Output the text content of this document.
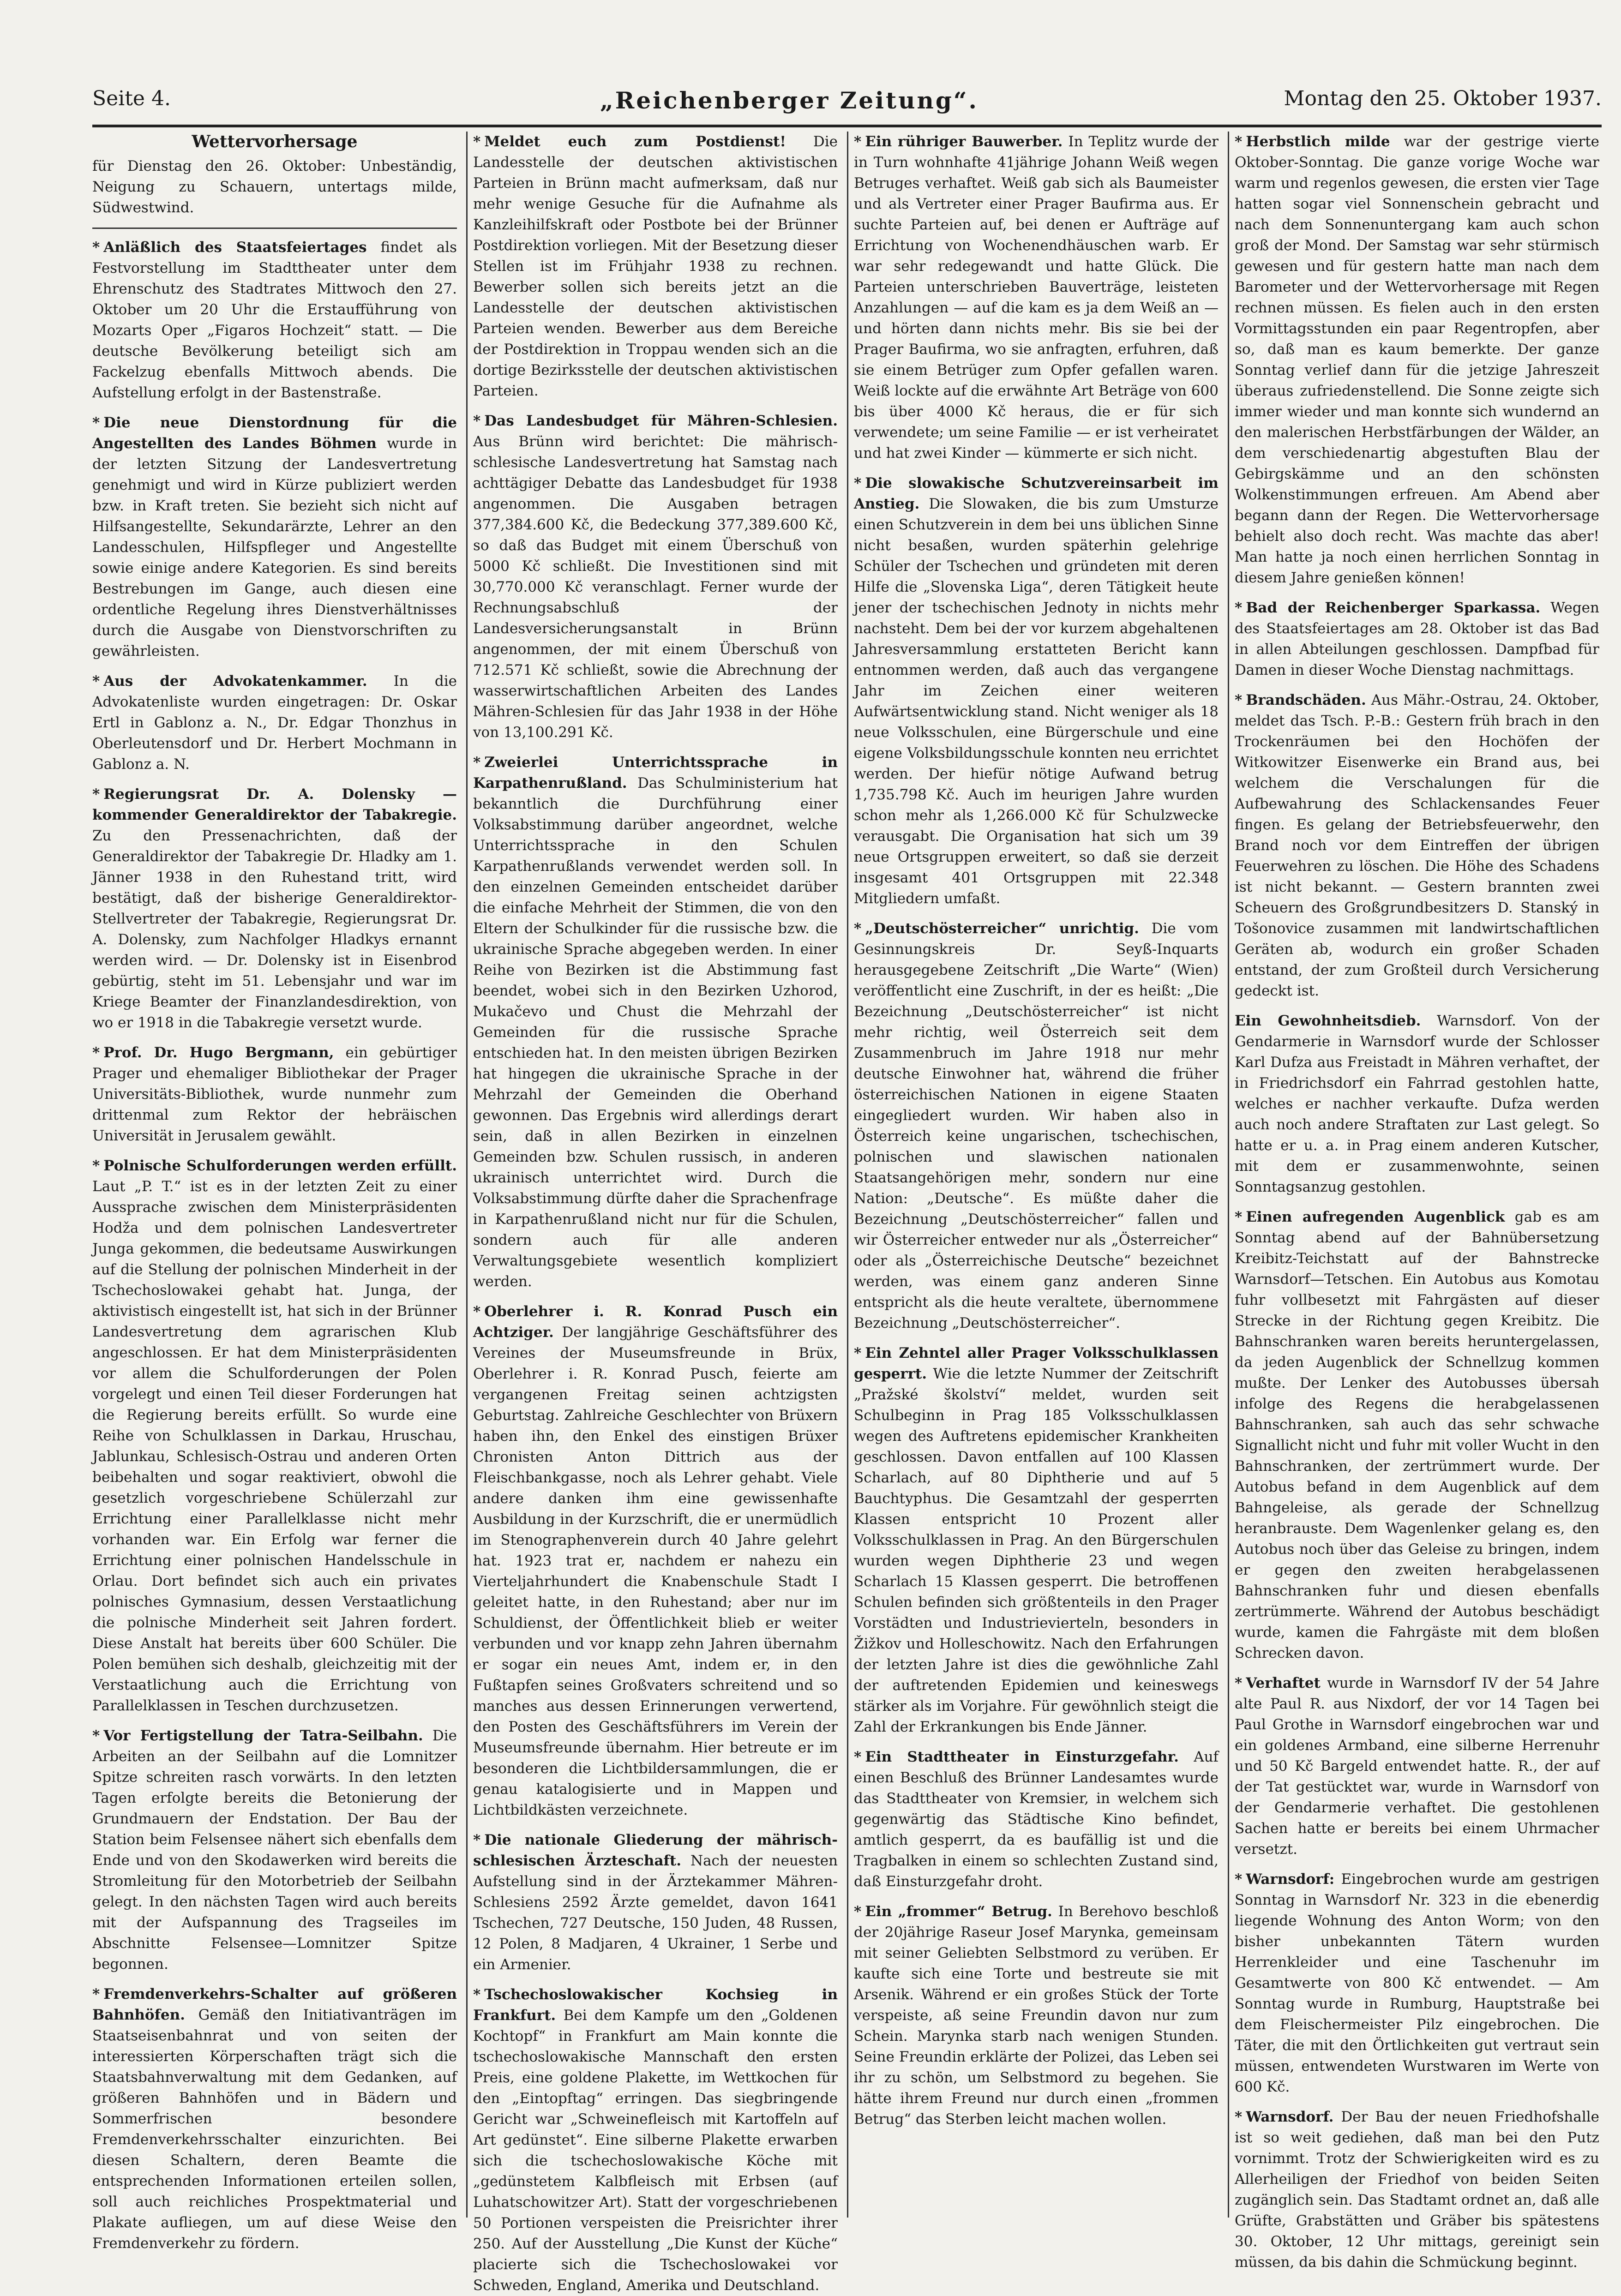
Seite 4.	„Reichenberger Zeitung“.	Montag den 25. Oktober 1937.
Wettervorhersage
für Dienstag den 26. Oktober: Unbeständig, Neigung zu Schauern, untertags milde, Südwestwind.
* Anläßlich des Staatsfeiertages findet als Festvorstellung im Stadttheater unter dem Ehrenschutz des Stadtrates Mittwoch den 27. Oktober um 20 Uhr die Erstaufführung von Mozarts Oper „Figaros Hochzeit“ statt. — Die deutsche Bevölkerung beteiligt sich am Fackelzug ebenfalls Mittwoch abends. Die Aufstellung erfolgt in der Bastenstraße.
* Die neue Dienstordnung für die Angestellten des Landes Böhmen wurde in der letzten Sitzung der Landesvertretung genehmigt und wird in Kürze publiziert werden bzw. in Kraft treten. Sie bezieht sich nicht auf Hilfsangestellte, Sekundarärzte, Lehrer an den Landesschulen, Hilfspfleger und Angestellte sowie einige andere Kategorien. Es sind bereits Bestrebungen im Gange, auch diesen eine ordentliche Regelung ihres Dienstverhältnisses durch die Ausgabe von Dienstvorschriften zu gewährleisten.
* Aus der Advokatenkammer. In die Advokatenliste wurden eingetragen: Dr. Oskar Ertl in Gablonz a. N., Dr. Edgar Thonzhus in Oberleutensdorf und Dr. Herbert Mochmann in Gablonz a. N.
* Regierungsrat Dr. A. Dolensky — kommender Generaldirektor der Tabakregie. Zu den Pressenachrichten, daß der Generaldirektor der Tabakregie Dr. Hladky am 1. Jänner 1938 in den Ruhestand tritt, wird bestätigt, daß der bisherige Generaldirektor-Stellvertreter der Tabakregie, Regierungsrat Dr. A. Dolensky, zum Nachfolger Hladkys ernannt werden wird. — Dr. Dolensky ist in Eisenbrod gebürtig, steht im 51. Lebensjahr und war im Kriege Beamter der Finanzlandesdirektion, von wo er 1918 in die Tabakregie versetzt wurde.
* Prof. Dr. Hugo Bergmann, ein gebürtiger Prager und ehemaliger Bibliothekar der Prager Universitäts-Bibliothek, wurde nunmehr zum drittenmal zum Rektor der hebräischen Universität in Jerusalem gewählt.
* Polnische Schulforderungen werden erfüllt. Laut „P. T.“ ist es in der letzten Zeit zu einer Aussprache zwischen dem Ministerpräsidenten Hodža und dem polnischen Landesvertreter Junga gekommen, die bedeutsame Auswirkungen auf die Stellung der polnischen Minderheit in der Tschechoslowakei gehabt hat. Junga, der aktivistisch eingestellt ist, hat sich in der Brünner Landesvertretung dem agrarischen Klub angeschlossen. Er hat dem Ministerpräsidenten vor allem die Schulforderungen der Polen vorgelegt und einen Teil dieser Forderungen hat die Regierung bereits erfüllt. So wurde eine Reihe von Schulklassen in Darkau, Hruschau, Jablunkau, Schlesisch-Ostrau und anderen Orten beibehalten und sogar reaktiviert, obwohl die gesetzlich vorgeschriebene Schülerzahl zur Errichtung einer Parallelklasse nicht mehr vorhanden war. Ein Erfolg war ferner die Errichtung einer polnischen Handelsschule in Orlau. Dort befindet sich auch ein privates polnisches Gymnasium, dessen Verstaatlichung die polnische Minderheit seit Jahren fordert. Diese Anstalt hat bereits über 600 Schüler. Die Polen bemühen sich deshalb, gleichzeitig mit der Verstaatlichung auch die Errichtung von Parallelklassen in Teschen durchzusetzen.
* Vor Fertigstellung der Tatra-Seilbahn. Die Arbeiten an der Seilbahn auf die Lomnitzer Spitze schreiten rasch vorwärts. In den letzten Tagen erfolgte bereits die Betonierung der Grundmauern der Endstation. Der Bau der Station beim Felsensee nähert sich ebenfalls dem Ende und von den Skodawerken wird bereits die Stromleitung für den Motorbetrieb der Seilbahn gelegt. In den nächsten Tagen wird auch bereits mit der Aufspannung des Tragseiles im Abschnitte Felsensee—Lomnitzer Spitze begonnen.
* Fremdenverkehrs-Schalter auf größeren Bahnhöfen. Gemäß den Initiativanträgen im Staatseisenbahnrat und von seiten der interessierten Körperschaften trägt sich die Staatsbahnverwaltung mit dem Gedanken, auf größeren Bahnhöfen und in Bädern und Sommerfrischen besondere Fremdenverkehrsschalter einzurichten. Bei diesen Schaltern, deren Beamte die entsprechenden Informationen erteilen sollen, soll auch reichliches Prospektmaterial und Plakate aufliegen, um auf diese Weise den Fremdenverkehr zu fördern.
* Meldet euch zum Postdienst! Die Landesstelle der deutschen aktivistischen Parteien in Brünn macht aufmerksam, daß nur mehr wenige Gesuche für die Aufnahme als Kanzleihilfskraft oder Postbote bei der Brünner Postdirektion vorliegen. Mit der Besetzung dieser Stellen ist im Frühjahr 1938 zu rechnen. Bewerber sollen sich bereits jetzt an die Landesstelle der deutschen aktivistischen Parteien wenden. Bewerber aus dem Bereiche der Postdirektion in Troppau wenden sich an die dortige Bezirksstelle der deutschen aktivistischen Parteien.
* Das Landesbudget für Mähren-Schlesien. Aus Brünn wird berichtet: Die mährisch-schlesische Landesvertretung hat Samstag nach achttägiger Debatte das Landesbudget für 1938 angenommen. Die Ausgaben betragen 377,384.600 Kč, die Bedeckung 377,389.600 Kč, so daß das Budget mit einem Überschuß von 5000 Kč schließt. Die Investitionen sind mit 30,770.000 Kč veranschlagt. Ferner wurde der Rechnungsabschluß der Landesversicherungsanstalt in Brünn angenommen, der mit einem Überschuß von 712.571 Kč schließt, sowie die Abrechnung der wasserwirtschaftlichen Arbeiten des Landes Mähren-Schlesien für das Jahr 1938 in der Höhe von 13,100.291 Kč.
* Zweierlei Unterrichtssprache in Karpathenrußland. Das Schulministerium hat bekanntlich die Durchführung einer Volksabstimmung darüber angeordnet, welche Unterrichtssprache in den Schulen Karpathenrußlands verwendet werden soll. In den einzelnen Gemeinden entscheidet darüber die einfache Mehrheit der Stimmen, die von den Eltern der Schulkinder für die russische bzw. die ukrainische Sprache abgegeben werden. In einer Reihe von Bezirken ist die Abstimmung fast beendet, wobei sich in den Bezirken Uzhorod, Mukačevo und Chust die Mehrzahl der Gemeinden für die russische Sprache entschieden hat. In den meisten übrigen Bezirken hat hingegen die ukrainische Sprache in der Mehrzahl der Gemeinden die Oberhand gewonnen. Das Ergebnis wird allerdings derart sein, daß in allen Bezirken in einzelnen Gemeinden bzw. Schulen russisch, in anderen ukrainisch unterrichtet wird. Durch die Volksabstimmung dürfte daher die Sprachenfrage in Karpathenrußland nicht nur für die Schulen, sondern auch für alle anderen Verwaltungsgebiete wesentlich kompliziert werden.
* Oberlehrer i. R. Konrad Pusch ein Achtziger. Der langjährige Geschäftsführer des Vereines der Museumsfreunde in Brüx, Oberlehrer i. R. Konrad Pusch, feierte am vergangenen Freitag seinen achtzigsten Geburtstag. Zahlreiche Geschlechter von Brüxern haben ihn, den Enkel des einstigen Brüxer Chronisten Anton Dittrich aus der Fleischbankgasse, noch als Lehrer gehabt. Viele andere danken ihm eine gewissenhafte Ausbildung in der Kurzschrift, die er unermüdlich im Stenographenverein durch 40 Jahre gelehrt hat. 1923 trat er, nachdem er nahezu ein Vierteljahrhundert die Knabenschule Stadt I geleitet hatte, in den Ruhestand; aber nur im Schuldienst, der Öffentlichkeit blieb er weiter verbunden und vor knapp zehn Jahren übernahm er sogar ein neues Amt, indem er, in den Fußtapfen seines Großvaters schreitend und so manches aus dessen Erinnerungen verwertend, den Posten des Geschäftsführers im Verein der Museumsfreunde übernahm. Hier betreute er im besonderen die Lichtbildersammlungen, die er genau katalogisierte und in Mappen und Lichtbildkästen verzeichnete.
* Die nationale Gliederung der mährisch-schlesischen Ärzteschaft. Nach der neuesten Aufstellung sind in der Ärztekammer Mähren-Schlesiens 2592 Ärzte gemeldet, davon 1641 Tschechen, 727 Deutsche, 150 Juden, 48 Russen, 12 Polen, 8 Madjaren, 4 Ukrainer, 1 Serbe und ein Armenier.
* Tschechoslowakischer Kochsieg in Frankfurt. Bei dem Kampfe um den „Goldenen Kochtopf“ in Frankfurt am Main konnte die tschechoslowakische Mannschaft den ersten Preis, eine goldene Plakette, im Wettkochen für den „Eintopftag“ erringen. Das siegbringende Gericht war „Schweinefleisch mit Kartoffeln auf Art gedünstet“. Eine silberne Plakette erwarben sich die tschechoslowakische Köche mit „gedünstetem Kalbfleisch mit Erbsen (auf Luhatschowitzer Art). Statt der vorgeschriebenen 50 Portionen verspeisten die Preisrichter ihrer 250. Auf der Ausstellung „Die Kunst der Küche“ placierte sich die Tschechoslowakei vor Schweden, England, Amerika und Deutschland.
* Ein rühriger Bauwerber. In Teplitz wurde der in Turn wohnhafte 41jährige Johann Weiß wegen Betruges verhaftet. Weiß gab sich als Baumeister und als Vertreter einer Prager Baufirma aus. Er suchte Parteien auf, bei denen er Aufträge auf Errichtung von Wochenendhäuschen warb. Er war sehr redegewandt und hatte Glück. Die Parteien unterschrieben Bauverträge, leisteten Anzahlungen — auf die kam es ja dem Weiß an — und hörten dann nichts mehr. Bis sie bei der Prager Baufirma, wo sie anfragten, erfuhren, daß sie einem Betrüger zum Opfer gefallen waren. Weiß lockte auf die erwähnte Art Beträge von 600 bis über 4000 Kč heraus, die er für sich verwendete; um seine Familie — er ist verheiratet und hat zwei Kinder — kümmerte er sich nicht.
* Die slowakische Schutzvereinsarbeit im Anstieg. Die Slowaken, die bis zum Umsturze einen Schutzverein in dem bei uns üblichen Sinne nicht besaßen, wurden späterhin gelehrige Schüler der Tschechen und gründeten mit deren Hilfe die „Slovenska Liga“, deren Tätigkeit heute jener der tschechischen Jednoty in nichts mehr nachsteht. Dem bei der vor kurzem abgehaltenen Jahresversammlung erstatteten Bericht kann entnommen werden, daß auch das vergangene Jahr im Zeichen einer weiteren Aufwärtsentwicklung stand. Nicht weniger als 18 neue Volksschulen, eine Bürgerschule und eine eigene Volksbildungsschule konnten neu errichtet werden. Der hiefür nötige Aufwand betrug 1,735.798 Kč. Auch im heurigen Jahre wurden schon mehr als 1,266.000 Kč für Schulzwecke verausgabt. Die Organisation hat sich um 39 neue Ortsgruppen erweitert, so daß sie derzeit insgesamt 401 Ortsgruppen mit 22.348 Mitgliedern umfaßt.
* „Deutschösterreicher“ unrichtig. Die vom Gesinnungskreis Dr. Seyß-Inquarts herausgegebene Zeitschrift „Die Warte“ (Wien) veröffentlicht eine Zuschrift, in der es heißt: „Die Bezeichnung „Deutschösterreicher“ ist nicht mehr richtig, weil Österreich seit dem Zusammenbruch im Jahre 1918 nur mehr deutsche Einwohner hat, während die früher österreichischen Nationen in eigene Staaten eingegliedert wurden. Wir haben also in Österreich keine ungarischen, tschechischen, polnischen und slawischen nationalen Staatsangehörigen mehr, sondern nur eine Nation: „Deutsche“. Es müßte daher die Bezeichnung „Deutschösterreicher“ fallen und wir Österreicher entweder nur als „Österreicher“ oder als „Österreichische Deutsche“ bezeichnet werden, was einem ganz anderen Sinne entspricht als die heute veraltete, übernommene Bezeichnung „Deutschösterreicher“.
* Ein Zehntel aller Prager Volksschulklassen gesperrt. Wie die letzte Nummer der Zeitschrift „Pražské školství“ meldet, wurden seit Schulbeginn in Prag 185 Volksschulklassen wegen des Auftretens epidemischer Krankheiten geschlossen. Davon entfallen auf 100 Klassen Scharlach, auf 80 Diphtherie und auf 5 Bauchtyphus. Die Gesamtzahl der gesperrten Klassen entspricht 10 Prozent aller Volksschulklassen in Prag. An den Bürgerschulen wurden wegen Diphtherie 23 und wegen Scharlach 15 Klassen gesperrt. Die betroffenen Schulen befinden sich größtenteils in den Prager Vorstädten und Industrievierteln, besonders in Žižkov und Holleschowitz. Nach den Erfahrungen der letzten Jahre ist dies die gewöhnliche Zahl der auftretenden Epidemien und keineswegs stärker als im Vorjahre. Für gewöhnlich steigt die Zahl der Erkrankungen bis Ende Jänner.
* Ein Stadttheater in Einsturzgefahr. Auf einen Beschluß des Brünner Landesamtes wurde das Stadttheater von Kremsier, in welchem sich gegenwärtig das Städtische Kino befindet, amtlich gesperrt, da es baufällig ist und die Tragbalken in einem so schlechten Zustand sind, daß Einsturzgefahr droht.
* Ein „frommer“ Betrug. In Berehovo beschloß der 20jährige Raseur Josef Marynka, gemeinsam mit seiner Geliebten Selbstmord zu verüben. Er kaufte sich eine Torte und bestreute sie mit Arsenik. Während er ein großes Stück der Torte verspeiste, aß seine Freundin davon nur zum Schein. Marynka starb nach wenigen Stunden. Seine Freundin erklärte der Polizei, das Leben sei ihr zu schön, um Selbstmord zu begehen. Sie hätte ihrem Freund nur durch einen „frommen Betrug“ das Sterben leicht machen wollen.
* Herbstlich milde war der gestrige vierte Oktober-Sonntag. Die ganze vorige Woche war warm und regenlos gewesen, die ersten vier Tage hatten sogar viel Sonnenschein gebracht und nach dem Sonnenuntergang kam auch schon groß der Mond. Der Samstag war sehr stürmisch gewesen und für gestern hatte man nach dem Barometer und der Wettervorhersage mit Regen rechnen müssen. Es fielen auch in den ersten Vormittagsstunden ein paar Regentropfen, aber so, daß man es kaum bemerkte. Der ganze Sonntag verlief dann für die jetzige Jahreszeit überaus zufriedenstellend. Die Sonne zeigte sich immer wieder und man konnte sich wundernd an den malerischen Herbstfärbungen der Wälder, an dem verschiedenartig abgestuften Blau der Gebirgskämme und an den schönsten Wolkenstimmungen erfreuen. Am Abend aber begann dann der Regen. Die Wettervorhersage behielt also doch recht. Was machte das aber! Man hatte ja noch einen herrlichen Sonntag in diesem Jahre genießen können!
* Bad der Reichenberger Sparkassa. Wegen des Staatsfeiertages am 28. Oktober ist das Bad in allen Abteilungen geschlossen. Dampfbad für Damen in dieser Woche Dienstag nachmittags.
* Brandschäden. Aus Mähr.-Ostrau, 24. Oktober, meldet das Tsch. P.-B.: Gestern früh brach in den Trockenräumen bei den Hochöfen der Witkowitzer Eisenwerke ein Brand aus, bei welchem die Verschalungen für die Aufbewahrung des Schlackensandes Feuer fingen. Es gelang der Betriebsfeuerwehr, den Brand noch vor dem Eintreffen der übrigen Feuerwehren zu löschen. Die Höhe des Schadens ist nicht bekannt. — Gestern brannten zwei Scheuern des Großgrundbesitzers D. Stanský in Tošonovice zusammen mit landwirtschaftlichen Geräten ab, wodurch ein großer Schaden entstand, der zum Großteil durch Versicherung gedeckt ist.
Ein Gewohnheitsdieb. Warnsdorf. Von der Gendarmerie in Warnsdorf wurde der Schlosser Karl Dufza aus Freistadt in Mähren verhaftet, der in Friedrichsdorf ein Fahrrad gestohlen hatte, welches er nachher verkaufte. Dufza werden auch noch andere Straftaten zur Last gelegt. So hatte er u. a. in Prag einem anderen Kutscher, mit dem er zusammenwohnte, seinen Sonntagsanzug gestohlen.
* Einen aufregenden Augenblick gab es am Sonntag abend auf der Bahnübersetzung Kreibitz-Teichstatt auf der Bahnstrecke Warnsdorf—Tetschen. Ein Autobus aus Komotau fuhr vollbesetzt mit Fahrgästen auf dieser Strecke in der Richtung gegen Kreibitz. Die Bahnschranken waren bereits heruntergelassen, da jeden Augenblick der Schnellzug kommen mußte. Der Lenker des Autobusses übersah infolge des Regens die herabgelassenen Bahnschranken, sah auch das sehr schwache Signallicht nicht und fuhr mit voller Wucht in den Bahnschranken, der zertrümmert wurde. Der Autobus befand in dem Augenblick auf dem Bahngeleise, als gerade der Schnellzug heranbrauste. Dem Wagenlenker gelang es, den Autobus noch über das Geleise zu bringen, indem er gegen den zweiten herabgelassenen Bahnschranken fuhr und diesen ebenfalls zertrümmerte. Während der Autobus beschädigt wurde, kamen die Fahrgäste mit dem bloßen Schrecken davon.
* Verhaftet wurde in Warnsdorf IV der 54 Jahre alte Paul R. aus Nixdorf, der vor 14 Tagen bei Paul Grothe in Warnsdorf eingebrochen war und ein goldenes Armband, eine silberne Herrenuhr und 50 Kč Bargeld entwendet hatte. R., der auf der Tat gestücktet war, wurde in Warnsdorf von der Gendarmerie verhaftet. Die gestohlenen Sachen hatte er bereits bei einem Uhrmacher versetzt.
* Warnsdorf: Eingebrochen wurde am gestrigen Sonntag in Warnsdorf Nr. 323 in die ebenerdig liegende Wohnung des Anton Worm; von den bisher unbekannten Tätern wurden Herrenkleider und eine Taschenuhr im Gesamtwerte von 800 Kč entwendet. — Am Sonntag wurde in Rumburg, Hauptstraße bei dem Fleischermeister Pilz eingebrochen. Die Täter, die mit den Örtlichkeiten gut vertraut sein müssen, entwendeten Wurstwaren im Werte von 600 Kč.
* Warnsdorf. Der Bau der neuen Friedhofshalle ist so weit gediehen, daß man bei den Putz vornimmt. Trotz der Schwierigkeiten wird es zu Allerheiligen der Friedhof von beiden Seiten zugänglich sein. Das Stadtamt ordnet an, daß alle Grüfte, Grabstätten und Gräber bis spätestens 30. Oktober, 12 Uhr mittags, gereinigt sein müssen, da bis dahin die Schmückung beginnt.
